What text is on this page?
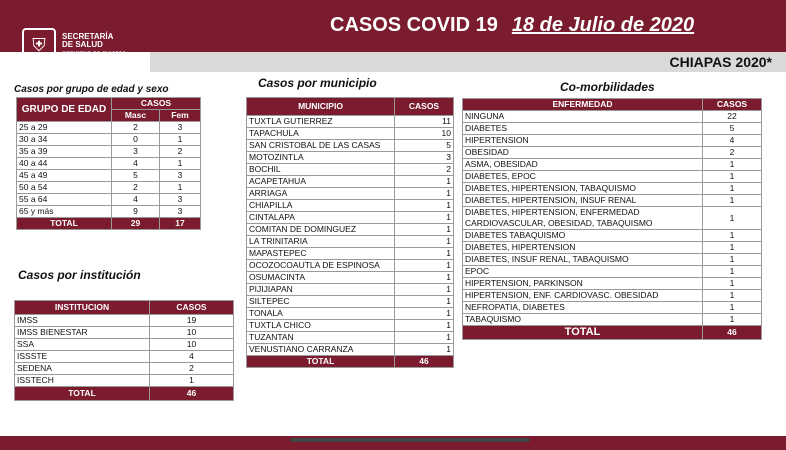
⛨	SECRETARÍA
DE SALUD
GOBIERNO DE CHIAPAS
CASOS COVID 19 18 de Julio de 2020
CHIAPAS 2020*
Casos por grupo de edad y sexo
GRUPO DE EDAD	CASOS	
	Masc	Fem
25 a 29	2	3
30 a 34	0	1
35 a 39	3	2
40 a 44	4	1
45 a 49	5	3
50 a 54	2	1
55 a 64	4	3
65 y más	9	3
TOTAL	29	17
Casos por institución
INSTITUCION	CASOS
IMSS	19
IMSS BIENESTAR	10
SSA	10
ISSSTE	4
SEDENA	2
ISSTECH	1
TOTAL	46
Casos por municipio
MUNICIPIO	CASOS
TUXTLA GUTIERREZ	11
TAPACHULA	10
SAN CRISTOBAL DE LAS CASAS	5
MOTOZINTLA	3
BOCHIL	2
ACAPETAHUA	1
ARRIAGA	1
CHIAPILLA	1
CINTALAPA	1
COMITAN DE DOMINGUEZ	1
LA TRINITARIA	1
MAPASTEPEC	1
OCOZOCOAUTLA DE ESPINOSA	1
OSUMACINTA	1
PIJIJIAPAN	1
SILTEPEC	1
TONALA	1
TUXTLA CHICO	1
TUZANTAN	1
VENUSTIANO CARRANZA	1
TOTAL	46
Co-morbilidades
ENFERMEDAD	CASOS
NINGUNA	22
DIABETES	5
HIPERTENSION	4
OBESIDAD	2
ASMA, OBESIDAD	1
DIABETES, EPOC	1
DIABETES, HIPERTENSION, TABAQUISMO	1
DIABETES, HIPERTENSION, INSUF RENAL	1
DIABETES, HIPERTENSION, ENFERMEDAD CARDIOVASCULAR, OBESIDAD, TABAQUISMO	1
DIABETES TABAQUISMO	1
DIABETES, HIPERTENSION	1
DIABETES, INSUF RENAL, TABAQUISMO	1
EPOC	1
HIPERTENSION, PARKINSON	1
HIPERTENSION, ENF. CARDIOVASC. OBESIDAD	1
NEFROPATIA, DIABETES	1
TABAQUISMO	1
TOTAL	46
